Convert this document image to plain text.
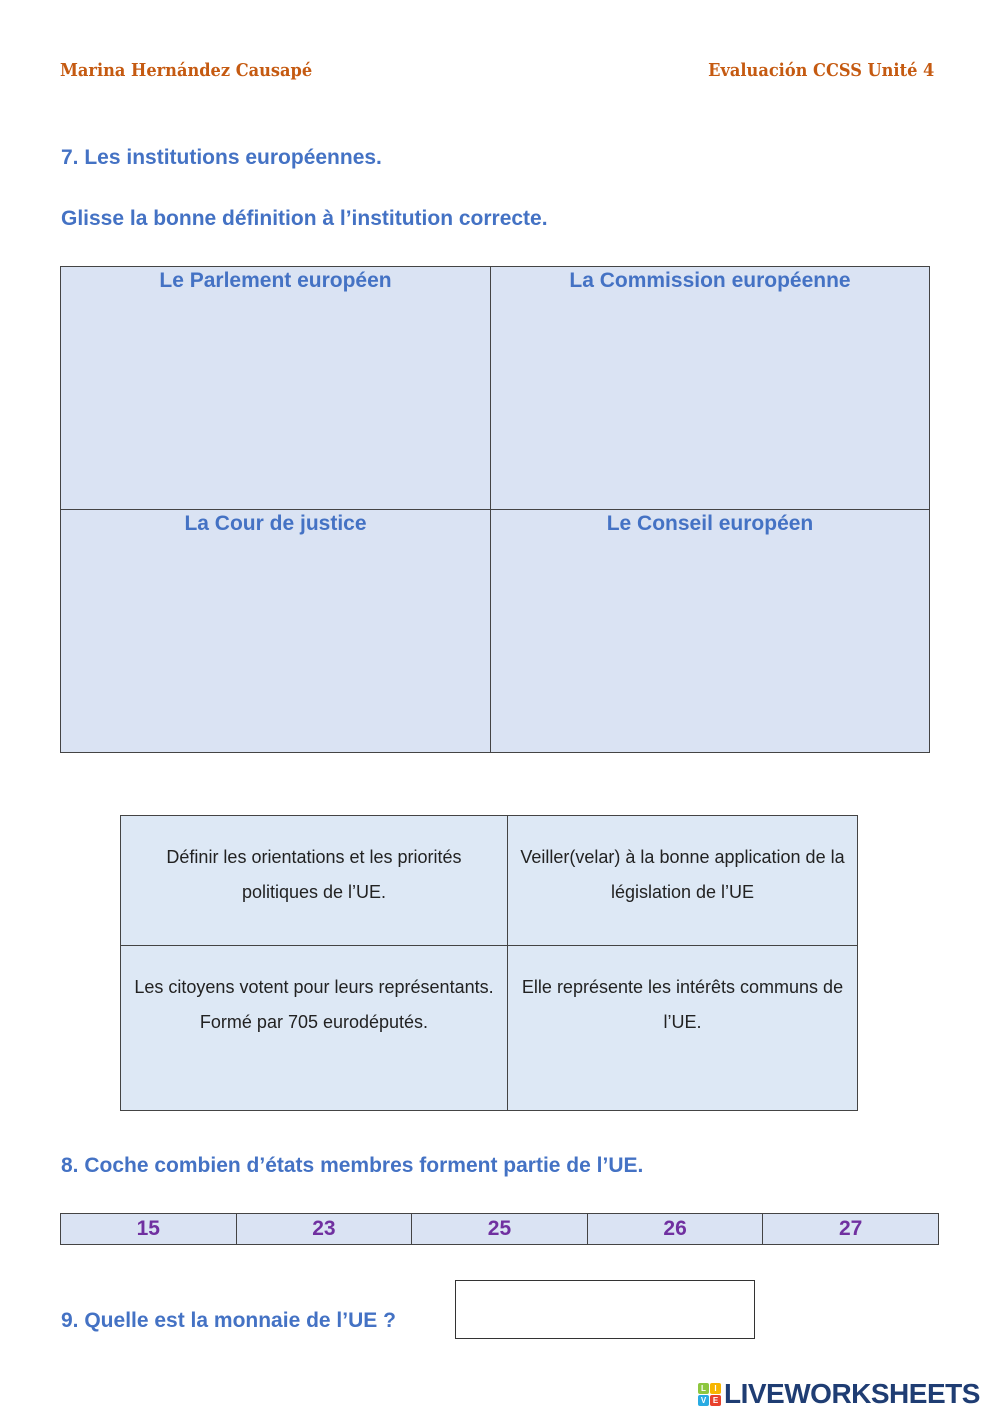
Marina Hernández Causapé	Evaluación CCSS Unité 4
7. Les institutions européennes.
Glisse la bonne définition à l’institution correcte.
Le Parlement européen	La Commission européenne
La Cour de justice	Le Conseil européen
Définir les orientations et les priorités politiques de l’UE.	Veiller(velar) à la bonne application de la législation de l’UE
Les citoyens votent pour leurs représentants. Formé par 705 eurodéputés.	Elle représente les intérêts communs de l’UE.
8. Coche combien d’états membres forment partie de l’UE.
15	23	25	26	27
9. Quelle est la monnaie de l’UE ?
L	I
V E LIVEWORKSHEETS
